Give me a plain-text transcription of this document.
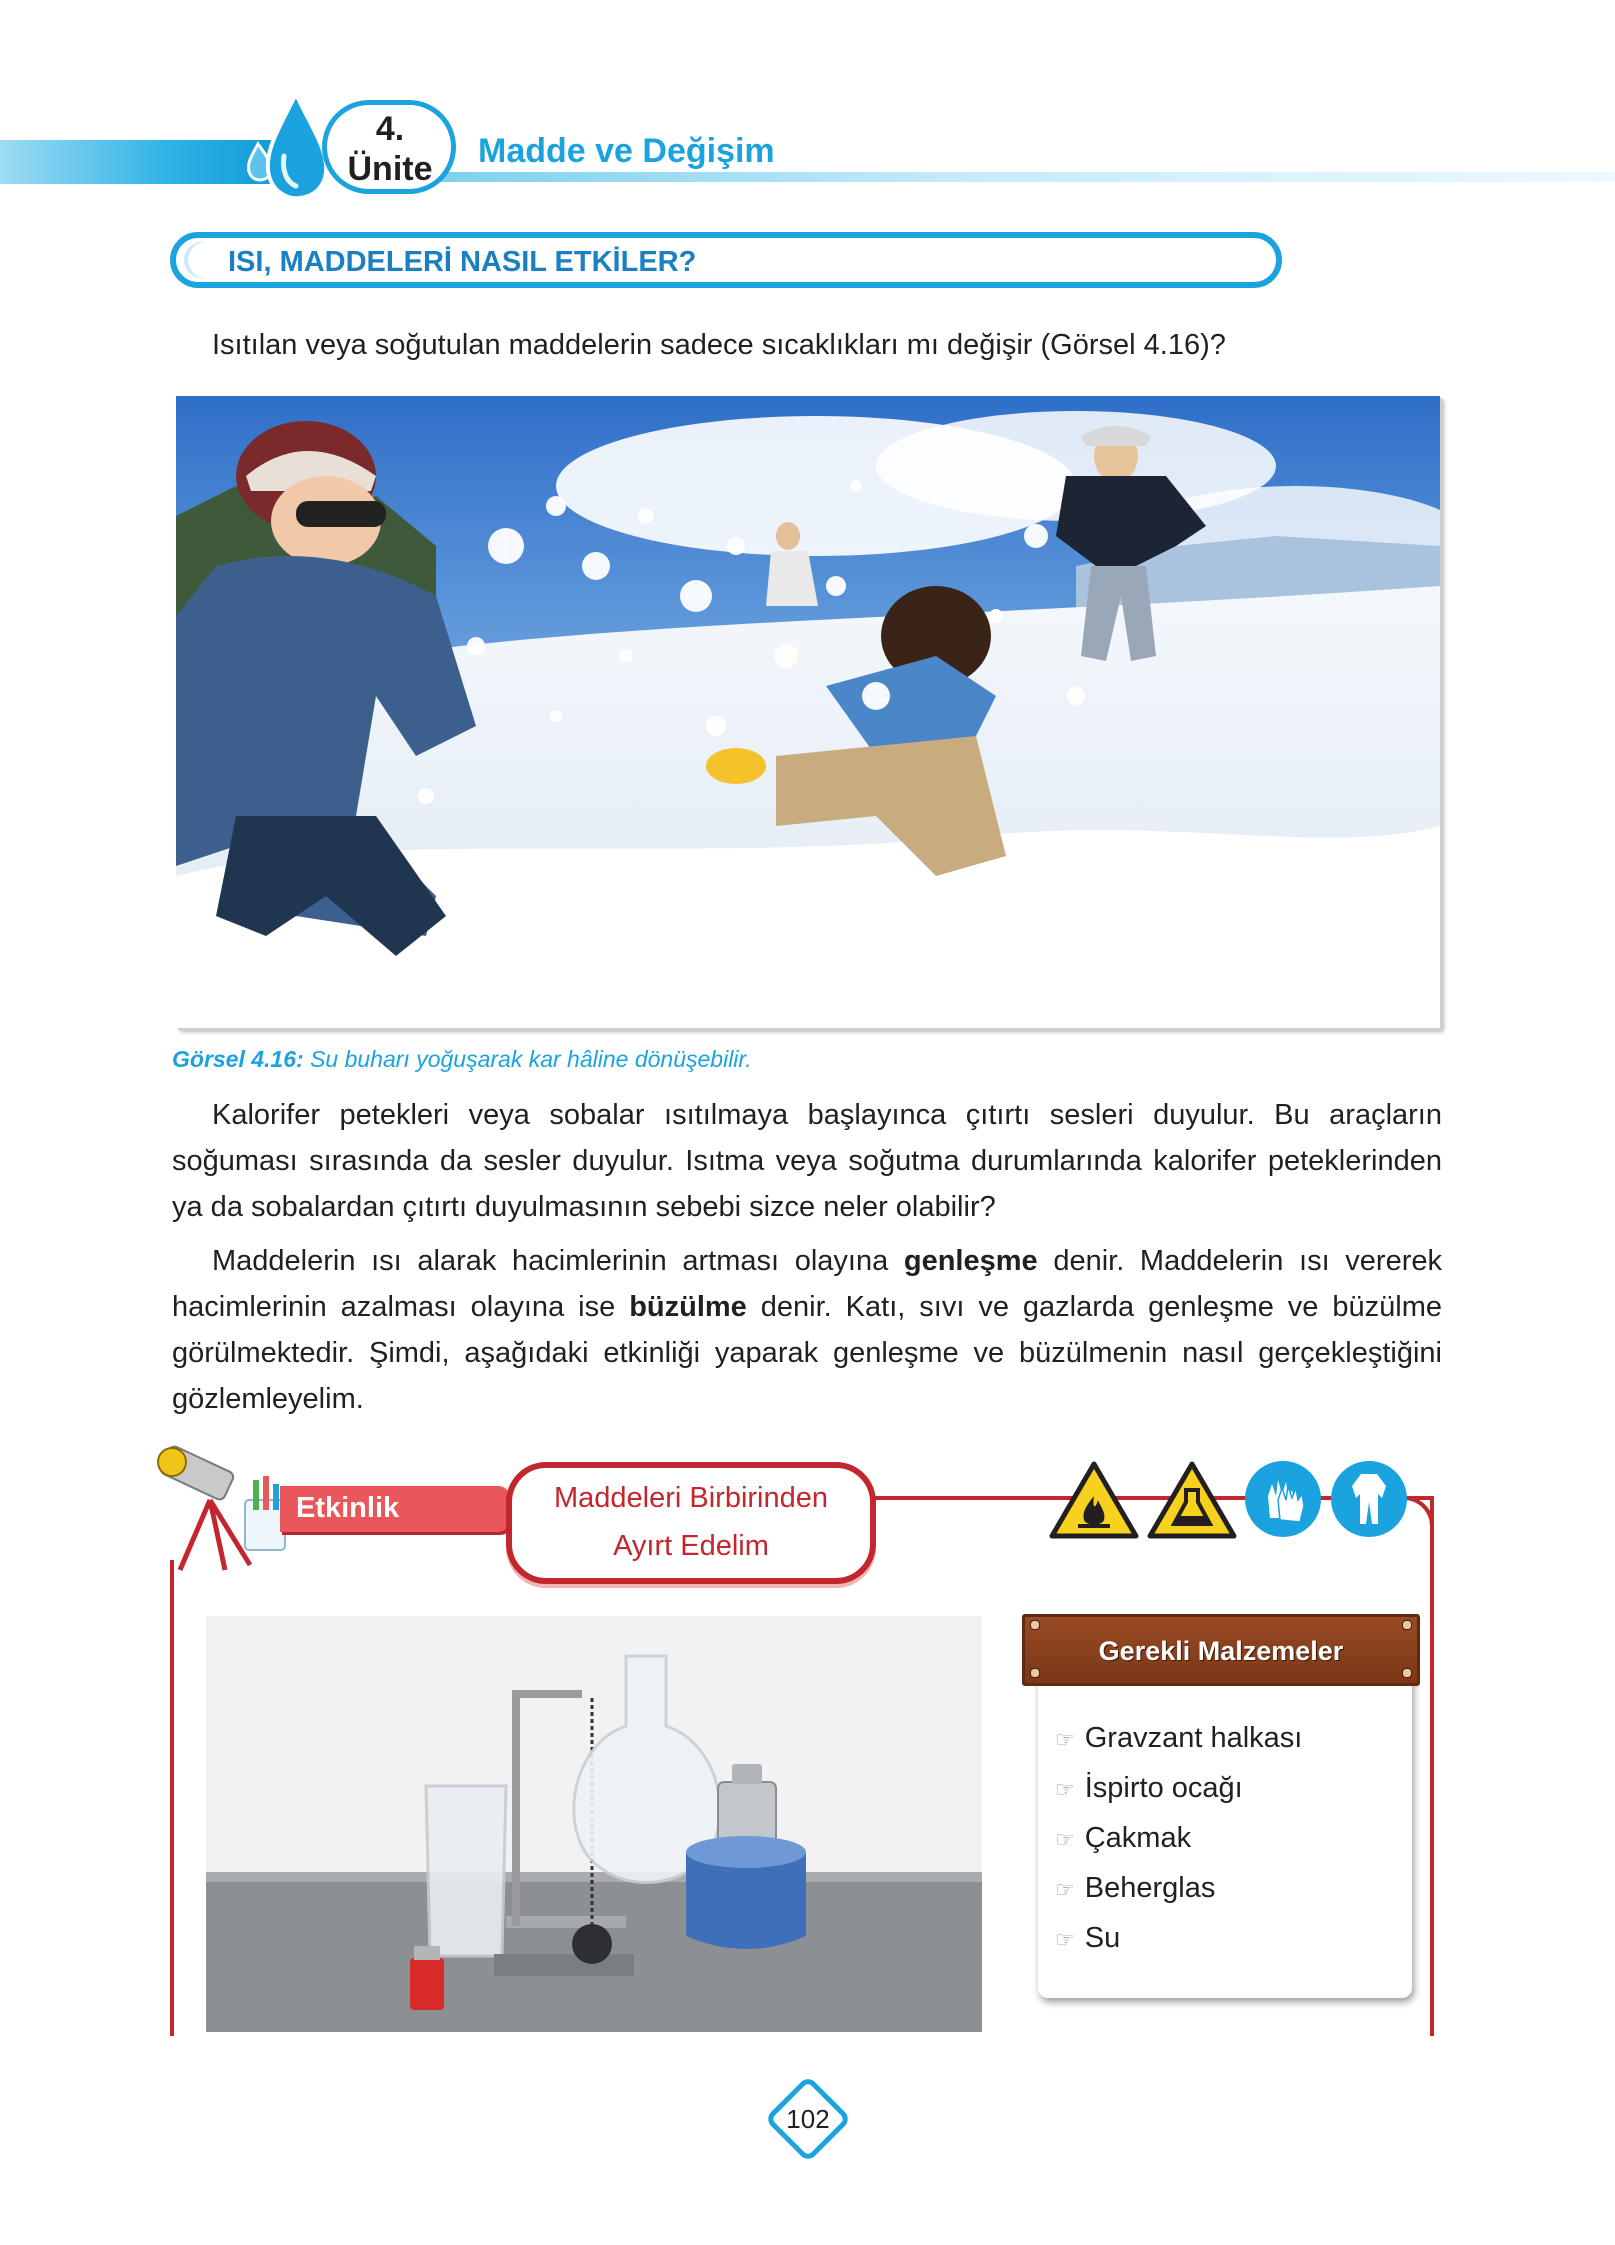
4.
Ünite	Madde ve Değişim
ISI, MADDELERİ NASIL ETKİLER?
Isıtılan veya soğutulan maddelerin sadece sıcaklıkları mı değişir (Görsel 4.16)?
Görsel 4.16: Su buharı yoğuşarak kar hâline dönüşebilir.
Kalorifer petekleri veya sobalar ısıtılmaya başlayınca çıtırtı sesleri duyulur. Bu araçların soğuması sırasında da sesler duyulur. Isıtma veya soğutma durumlarında kalorifer peteklerinden ya da sobalardan çıtırtı duyulmasının sebebi sizce neler olabilir?
Maddelerin ısı alarak hacimlerinin artması olayına genleşme denir. Maddelerin ısı vererek hacimlerinin azalması olayına ise büzülme denir. Katı, sıvı ve gazlarda genleşme ve büzülme görülmektedir. Şimdi, aşağıdaki etkinliği yaparak genleşme ve büzülmenin nasıl gerçekleştiğini gözlemleyelim.
Etkinlik	Maddeleri Birbirinden
Ayırt Edelim
Gerekli Malzemeler
☞ Gravzant halkası
☞ İspirto ocağı
☞ Çakmak
☞ Beherglas
☞ Su
102
